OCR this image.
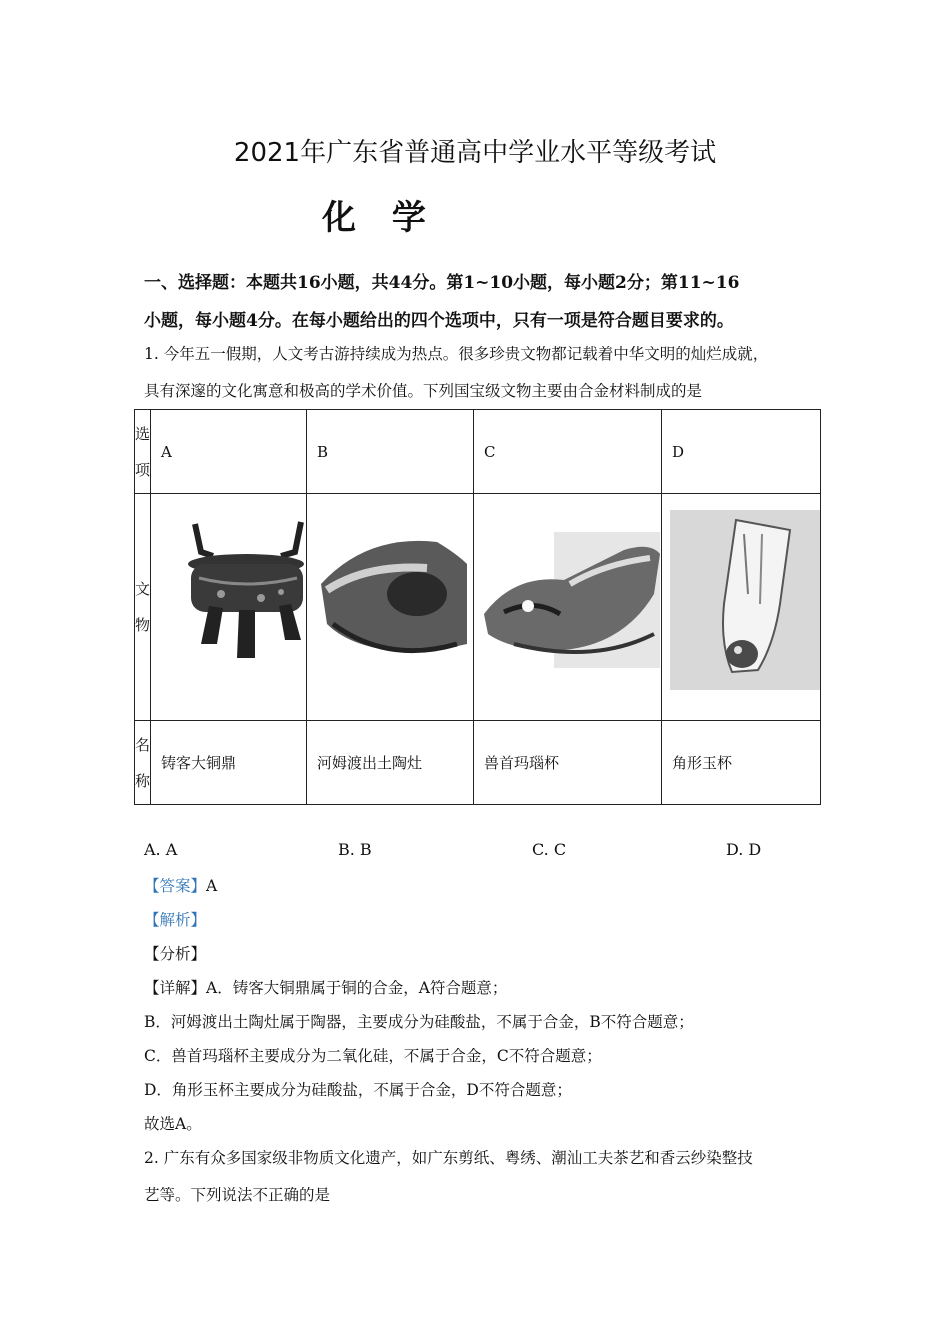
2021年广东省普通高中学业水平等级考试
化 学
一、选择题：本题共16小题，共44分。第1~10小题，每小题2分；第11~16
小题，每小题4分。在每小题给出的四个选项中，只有一项是符合题目要求的。
1. 今年五一假期，人文考古游持续成为热点。很多珍贵文物都记载着中华文明的灿烂成就，
具有深邃的文化寓意和极高的学术价值。下列国宝级文物主要由合金材料制成的是
选项	A	B	C	D
文物				
名称	铸客大铜鼎	河姆渡出土陶灶	兽首玛瑙杯	角形玉杯
A. A	B. B	C. C	D. D
【答案】A
【解析】
【分析】
【详解】A．铸客大铜鼎属于铜的合金，A符合题意；
B．河姆渡出土陶灶属于陶器，主要成分为硅酸盐，不属于合金，B不符合题意；
C．兽首玛瑙杯主要成分为二氧化硅，不属于合金，C不符合题意；
D．角形玉杯主要成分为硅酸盐，不属于合金，D不符合题意；
故选A。
2. 广东有众多国家级非物质文化遗产，如广东剪纸、粤绣、潮汕工夫茶艺和香云纱染整技
艺等。下列说法不正确的是
